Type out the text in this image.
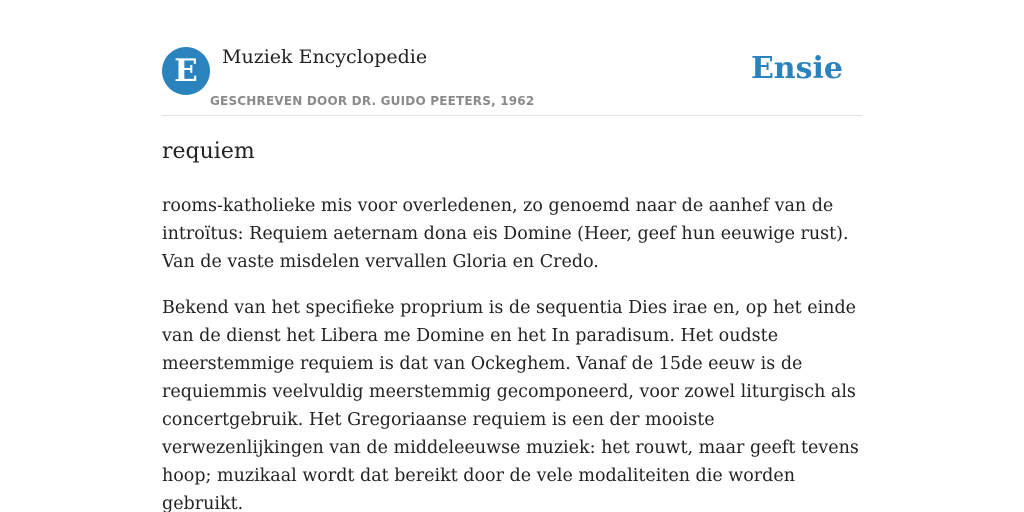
E	Muziek Encyclopedie
GESCHREVEN DOOR DR. GUIDO PEETERS, 1962
Ensie
requiem

rooms-katholieke mis voor overledenen, zo genoemd naar de aanhef van de introïtus: Requiem aeternam dona eis Domine (Heer, geef hun eeuwige rust). Van de vaste misdelen vervallen Gloria en Credo.

Bekend van het specifieke proprium is de sequentia Dies irae en, op het einde van de dienst het Libera me Domine en het In paradisum. Het oudste meerstemmige requiem is dat van Ockeghem. Vanaf de 15de eeuw is de requiemmis veelvuldig meerstemmig gecomponeerd, voor zowel liturgisch als concertgebruik. Het Gregoriaanse requiem is een der mooiste verwezenlijkingen van de middeleeuwse muziek: het rouwt, maar geeft tevens hoop; muzikaal wordt dat bereikt door de vele modaliteiten die worden gebruikt.
